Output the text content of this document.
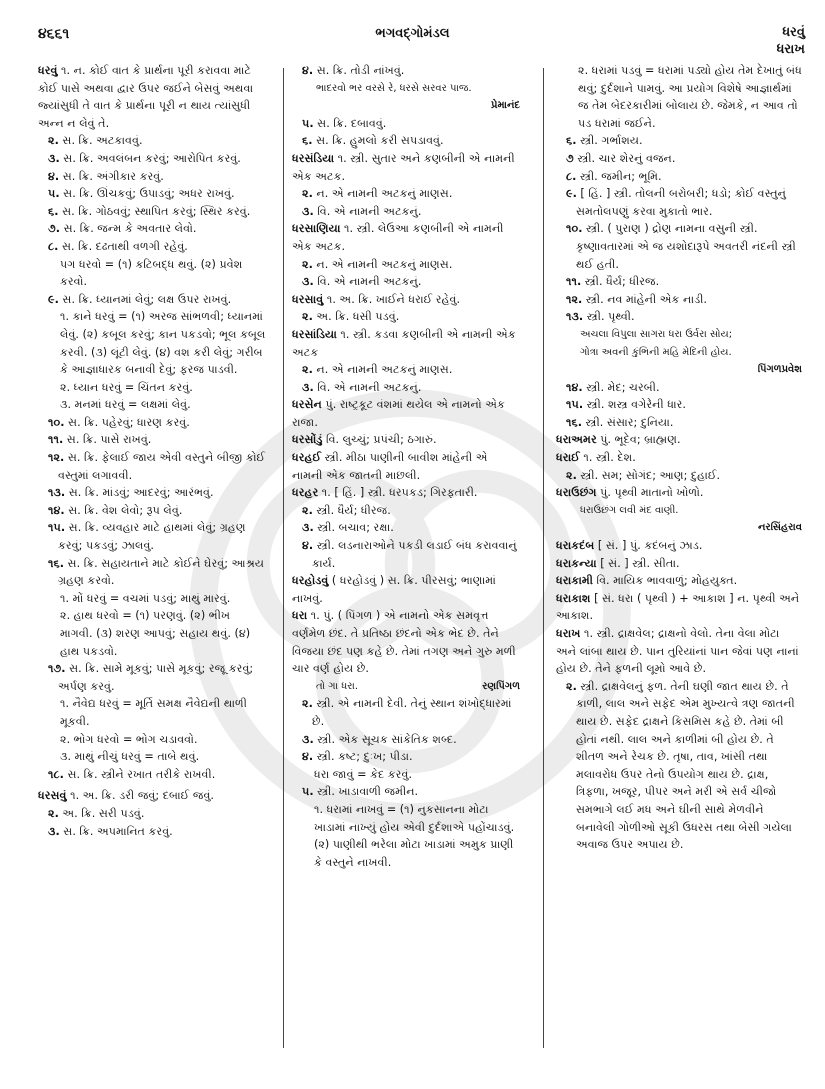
૪૬૬૧	ભગવદ્ગોમંડલ	ધરવું
ધરાખ
ધરવું ૧. ન. કોઈ વાત કે પ્રાર્થના પૂરી કરાવવા માટે કોઈ પાસે અથવા દ્વાર ઉપર જઈને બેસવું અથવા જ્યાંસુધી તે વાત કે પ્રાર્થના પૂરી ન થાય ત્યાંસુધી અન્ન ન લેવું તે.
૨. સ. ક્રિ. અટકાવવું.
૩. સ. ક્રિ. અવલંબન કરવું; આરોપિત કરવું.
૪. સ. ક્રિ. અંગીકાર કરવું.
૫. સ. ક્રિ. ઊંચકવું; ઉપાડવું; અધર રાખવું.
૬. સ. ક્રિ. ગોઠવવું; સ્થાપિત કરવું; સ્થિર કરવું.
૭. સ. ક્રિ. જન્મ કે અવતાર લેવો.
૮. સ. ક્રિ. દઢતાથી વળગી રહેવું.
પગ ધરવો = (૧) કટિબદ્ધ થવું. (૨) પ્રવેશ કરવો.
૯. સ. ક્રિ. ધ્યાનમાં લેવું; લક્ષ ઉપર રાખવું.
૧. કાને ધરવું = (૧) અરજ સાંભળવી; ધ્યાનમાં લેવું. (૨) કબૂલ કરવું; કાન પકડવો; ભૂલ કબૂલ કરવી. (૩) લૂંટી લેવું. (૪) વશ કરી લેવું; ગરીબ કે આજ્ઞાધારક બનાવી દેવું; ફરજ પાડવી.
૨. ધ્યાન ધરવું = ચિંતન કરવું.
૩. મનમાં ધરવું = લક્ષમાં લેવું.
૧૦. સ. ક્રિ. પહેરવું; ધારણ કરવું.
૧૧. સ. ક્રિ. પાસે રાખવું.
૧૨. સ. ક્રિ. ફેલાઈ જાય એવી વસ્તુને બીજી કોઈ વસ્તુમાં લગાવવી.
૧૩. સ. ક્રિ. માંડવું; આદરવું; આરંભવું.
૧૪. સ. ક્રિ. વેશ લેવો; રૂપ લેવું.
૧૫. સ. ક્રિ. વ્યવહાર માટે હાથમાં લેવું; ગ્રહણ કરવું; પકડવું; ઝાલવું.
૧૬. સ. ક્રિ. સહાયતાને માટે કોઈને ઘેરવું; આશ્રય ગ્રહણ કરવો.
૧. મોં ધરવું = વચમાં પડવું; માથું મારવું.
૨. હાથ ધરવો = (૧) પરણવું. (૨) ભીખ માગવી. (૩) શરણ આપવું; સહાય થવું. (૪) હાથ પકડવો.
૧૭. સ. ક્રિ. સામે મૂકવું; પાસે મૂકવું; રજૂ કરવું; અર્પણ કરવું.
૧. નૈવેદ્ય ધરવું = મૂર્તિ સમક્ષ નૈવેદ્યની થાળી મૂકવી.
૨. ભોગ ધરવો = ભોગ ચડાવવો.
૩. માથું નીચું ધરવું = તાબે થવું.
૧૮. સ. ક્રિ. સ્ત્રીને રખાત તરીકે રાખવી.
ધરસવું ૧. અ. ક્રિ. ડરી જવું; દબાઈ જવું.
૨. અ. ક્રિ. સરી પડવું.
૩. સ. ક્રિ. અપમાનિત કરવું.
૪. સ. ક્રિ. તોડી નાંખવું.
ભાદરવો ભર વરસે રે, ધરસે સરવર પાજ.
પ્રેમાનંદ
૫. સ. ક્રિ. દબાવવું.
૬. સ. ક્રિ. હુમલો કરી સપડાવવું.
ધરસંડિયા ૧. સ્ત્રી. સુતાર અને કણબીની એ નામની એક અટક.
૨. ન. એ નામની અટકનું માણસ.
૩. વિ. એ નામની અટકનું.
ધરસાણિયા ૧. સ્ત્રી. લેઉઆ કણબીની એ નામની એક અટક.
૨. ન. એ નામની અટકનું માણસ.
૩. વિ. એ નામની અટકનું.
ધરસાવું ૧. અ. ક્રિ. ખાઈને ધરાઈ રહેવું.
૨. અ. ક્રિ. ધસી પડવું.
ધરસાંડિયા ૧. સ્ત્રી. કડવા કણબીની એ નામની એક અટક
૨. ન. એ નામની અટકનું માણસ.
૩. વિ. એ નામની અટકનું.
ધરસેન પું. રાષ્ટ્રકૂટ વંશમાં થયેલ એ નામનો એક રાજા.
ધરસોંડું વિ. લુચ્ચું; પ્રપંચી; ઠગારું.
ધરહઈ સ્ત્રી. મીઠા પાણીની બાવીશ માંહેની એ નામની એક જાતની માછલી.
ધરહર ૧. [ હિં. ] સ્ત્રી. ધરપકડ; ગિરફતારી.
૨. સ્ત્રી. ધૈર્ય; ધીરજ.
૩. સ્ત્રી. બચાવ; રક્ષા.
૪. સ્ત્રી. લડનારાઓને પકડી લડાઈ બંધ કરાવવાનું કાર્ય.
ધરહોડવું ( ધરહોડવું ) સ. ક્રિ. પીરસવું; ભાણામાં નાખવું.
ધરા ૧. પું. ( પિંગળ ) એ નામનો એક સમવૃત્ત વર્ણમેળ છંદ. તે પ્રતિષ્ઠા છંદનો એક ભેદ છે. તેને વિજયા છંદ પણ કહે છે. તેમાં તગણ અને ગુરુ મળી ચાર વર્ણ હોય છે.
તો ગા ધરા.	રણપિંગળ
૨. સ્ત્રી. એ નામની દેવી. તેનું સ્થાન શંખોદ્ધારમાં છે.
૩. સ્ત્રી. એક સૂચક સાંકેતિક શબ્દ.
૪. સ્ત્રી. કષ્ટ; દુઃખ; પીડા.
ધરા જાવું = કેદ કરવું.
૫. સ્ત્રી. ખાડાવાળી જમીન.
૧. ધરામાં નાખવું = (૧) નુકસાનના મોટા ખાડામાં નાખ્યું હોય એવી દુર્દશાએ પહોંચાડવું. (૨) પાણીથી ભરેલા મોટા ખાડામાં અમુક પ્રાણી કે વસ્તુને નાખવી.
૨. ધરામાં પડવું = ધરામાં પડ્યો હોય તેમ દેખાતું બંધ થવું; દુર્દશાને પામવું. આ પ્રયોગ વિશેષે આજ્ઞાર્થમાં જ તેમ બેદરકારીમાં બોલાય છે. જેમકે, ન આવ તો પડ ધરામાં જઈને.
૬. સ્ત્રી. ગર્ભાશય.
૭ સ્ત્રી. ચાર શેરનું વજન.
૮. સ્ત્રી. જમીન; ભૂમિ.
૯. [ હિં. ] સ્ત્રી. તોલની બરોબરી; ધડો; કોઈ વસ્તુનું સમતોલપણું કરવા મુકાતો ભાર.
૧૦. સ્ત્રી. ( પુરાણ ) દ્રોણ નામના વસુની સ્ત્રી. કૃષ્ણાવતારમાં એ જ યશોદારૂપે અવતરી નંદની સ્ત્રી થઈ હતી.
૧૧. સ્ત્રી. ધૈર્ય; ધીરજ.
૧૨. સ્ત્રી. નવ માંહેની એક નાડી.
૧૩. સ્ત્રી. પૃથ્વી.
અચલા વિપુલા સાગરા ધરા ઉર્વરા સોય;
ગોત્રા અવની કુંભિની મહિ મેદિની હોય.
પિંગળપ્રવેશ
૧૪. સ્ત્રી. મેદ; ચરબી.
૧૫. સ્ત્રી. શસ્ત્ર વગેરેની ધાર.
૧૬. સ્ત્રી. સંસાર; દુનિયા.
ધરાઅમર પું. ભૂદેવ; બ્રાહ્મણ.
ધરાઈ ૧. સ્ત્રી. દેશ.
૨. સ્ત્રી. સમ; સોગંદ; આણ; દુહાઈ.
ધરાઉછંગ પું. પૃથ્વી માતાનો ખોળો.
ધરાઉછંગ લવી મંદ વાણી.
નરસિંહરાવ
ધરાકદંબ [ સં. ] પું. કદંબનું ઝાડ.
ધરાકન્યા [ સં. ] સ્ત્રી. સીતા.
ધરાકામી વિ. માયિક ભાવવાળું; મોહયુક્ત.
ધરાકાશ [ સં. ધરા ( પૃથ્વી ) + આકાશ ] ન. પૃથ્વી અને આકાશ.
ધરાખ ૧. સ્ત્રી. દ્રાક્ષવેલ; દ્રાક્ષનો વેલો. તેના વેલા મોટા અને લાંબા થાય છે. પાન તુરિયાંનાં પાન જેવાં પણ નાનાં હોય છે. તેને ફળની લૂમો આવે છે.
૨. સ્ત્રી. દ્રાક્ષવેલનું ફળ. તેની ઘણી જાત થાય છે. તે કાળી, લાલ અને સફેદ એમ મુખ્યત્વે ત્રણ જાતની થાય છે. સફેદ દ્રાક્ષને કિસમિસ કહે છે. તેમાં બી હોતાં નથી. લાલ અને કાળીમાં બી હોય છે. તે શીતળ અને રેચક છે. તૃષા, તાવ, ખાંસી તથા મલાવરોધ ઉપર તેનો ઉપયોગ થાય છે. દ્રાક્ષ, ત્રિફળા, ખજૂર, પીપર અને મરી એ સર્વ ચીજો સમભાગે લઈ મધ અને ઘીની સાથે મેળવીને બનાવેલી ગોળીઓ સૂકી ઉધરસ તથા બેસી ગયેલા અવાજ ઉપર અપાય છે.
